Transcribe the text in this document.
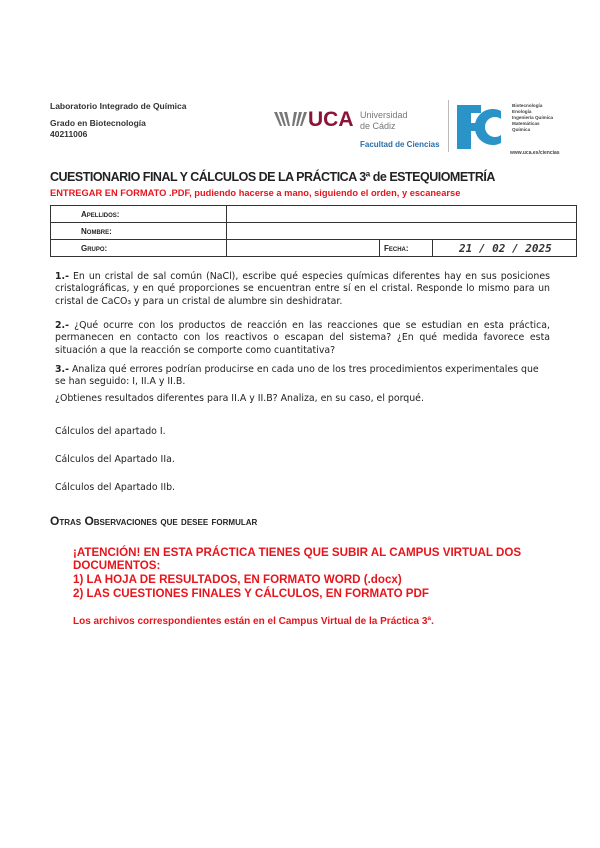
Laboratorio Integrado de Química
Grado en Biotecnología
40211006
UCA Universidad
de Cádiz
Facultad de Ciencias
Biotecnología
Enología
Ingeniería Química
Matemáticas
Química
www.uca.es/ciencias
CUESTIONARIO FINAL Y CÁLCULOS DE LA PRÁCTICA 3ª de ESTEQUIOMETRÍA
ENTREGAR EN FORMATO .PDF, pudiendo hacerse a mano, siguiendo el orden, y escanearse
Apellidos:			
Nombre:			
Grupo:		Fecha:	21 / 02 / 2025
1.- En un cristal de sal común (NaCl), escribe qué especies químicas diferentes hay en sus posiciones cristalográficas, y en qué proporciones se encuentran entre sí en el cristal. Responde lo mismo para un cristal de CaCO₃ y para un cristal de alumbre sin deshidratar.
2.- ¿Qué ocurre con los productos de reacción en las reacciones que se estudian en esta práctica, permanecen en contacto con los reactivos o escapan del sistema? ¿En qué medida favorece esta situación a que la reacción se comporte como cuantitativa?
3.- Analiza qué errores podrían producirse en cada uno de los tres procedimientos experimentales que se han seguido: I, II.A y II.B.
¿Obtienes resultados diferentes para II.A y II.B? Analiza, en su caso, el porqué.
Cálculos del apartado I.
Cálculos del Apartado IIa.
Cálculos del Apartado IIb.
Otras Observaciones que desee formular
¡ATENCIÓN! EN ESTA PRÁCTICA TIENES QUE SUBIR AL CAMPUS VIRTUAL DOS
DOCUMENTOS:
1) LA HOJA DE RESULTADOS, EN FORMATO WORD (.docx)
2) LAS CUESTIONES FINALES Y CÁLCULOS, EN FORMATO PDF
Los archivos correspondientes están en el Campus Virtual de la Práctica 3ª.
